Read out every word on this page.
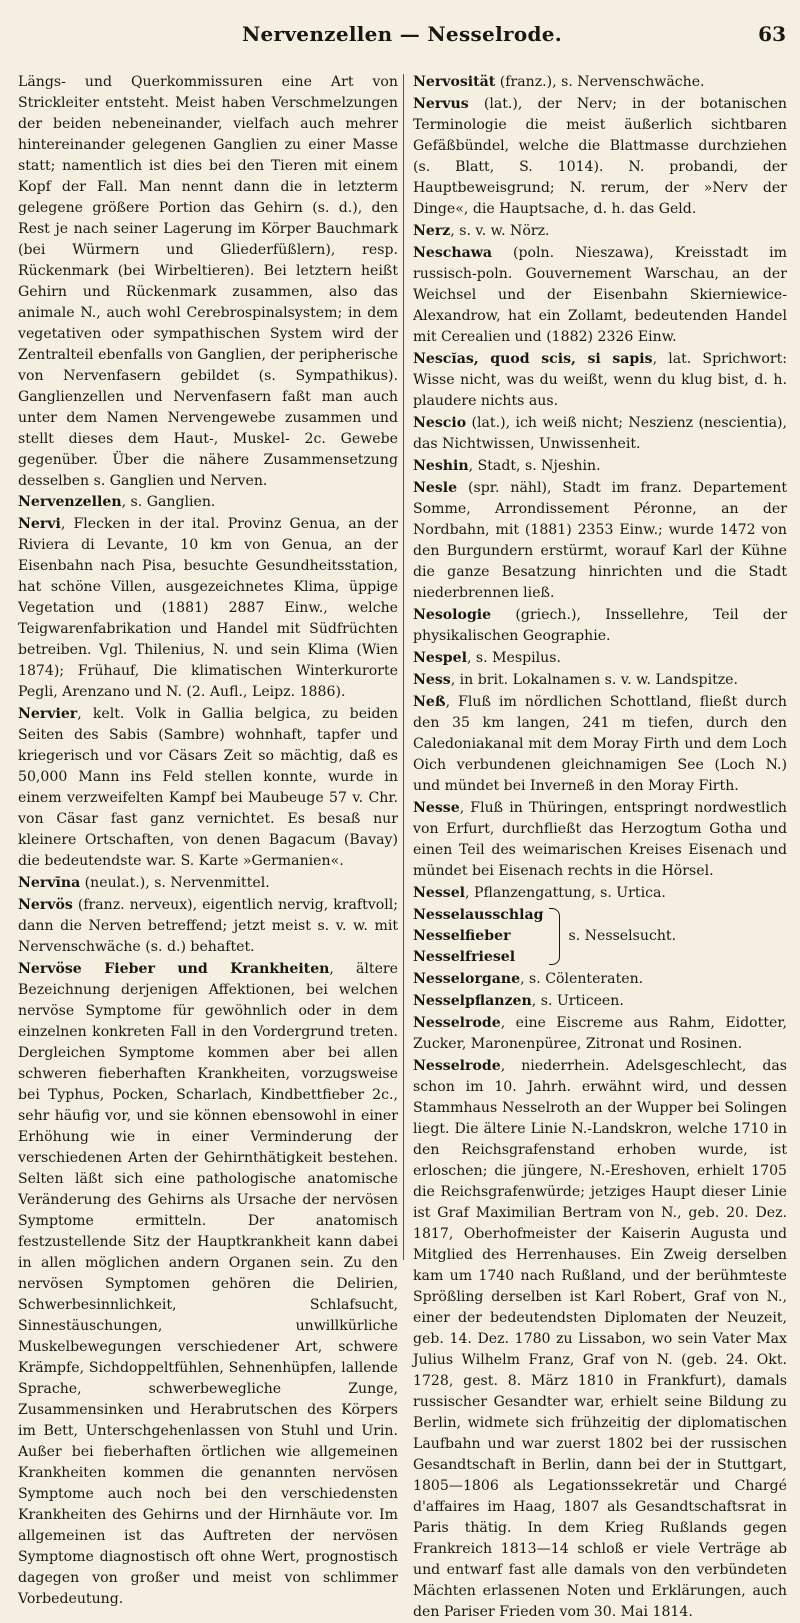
Nervenzellen — Nesselrode.	63

Längs- und Querkommissuren eine Art von Strickleiter entsteht. Meist haben Verschmelzungen der beiden nebeneinander, vielfach auch mehrer hintereinander gelegenen Ganglien zu einer Masse statt; namentlich ist dies bei den Tieren mit einem Kopf der Fall. Man nennt dann die in letzterm gelegene größere Portion das Gehirn (s. d.), den Rest je nach seiner Lagerung im Körper Bauchmark (bei Würmern und Gliederfüßlern), resp. Rückenmark (bei Wirbeltieren). Bei letztern heißt Gehirn und Rückenmark zusammen, also das animale N., auch wohl Cerebrospinalsystem; in dem vegetativen oder sympathischen System wird der Zentralteil ebenfalls von Ganglien, der peripherische von Nervenfasern gebildet (s. Sympathikus). Ganglienzellen und Nervenfasern faßt man auch unter dem Namen Nervengewebe zusammen und stellt dieses dem Haut-, Muskel- 2c. Gewebe gegenüber. Über die nähere Zusammensetzung desselben s. Ganglien und Nerven.

Nervenzellen, s. Ganglien.

Nervi, Flecken in der ital. Provinz Genua, an der Riviera di Levante, 10 km von Genua, an der Eisenbahn nach Pisa, besuchte Gesundheitsstation, hat schöne Villen, ausgezeichnetes Klima, üppige Vegetation und (1881) 2887 Einw., welche Teigwarenfabrikation und Handel mit Südfrüchten betreiben. Vgl. Thilenius, N. und sein Klima (Wien 1874); Frühauf, Die klimatischen Winterkurorte Pegli, Arenzano und N. (2. Aufl., Leipz. 1886).

Nervier, kelt. Volk in Gallia belgica, zu beiden Seiten des Sabis (Sambre) wohnhaft, tapfer und kriegerisch und vor Cäsars Zeit so mächtig, daß es 50,000 Mann ins Feld stellen konnte, wurde in einem verzweifelten Kampf bei Maubeuge 57 v. Chr. von Cäsar fast ganz vernichtet. Es besaß nur kleinere Ortschaften, von denen Bagacum (Bavay) die bedeutendste war. S. Karte »Germanien«.

Nervīna (neulat.), s. Nervenmittel.

Nervös (franz. nerveux), eigentlich nervig, kraftvoll; dann die Nerven betreffend; jetzt meist s. v. w. mit Nervenschwäche (s. d.) behaftet.

Nervöse Fieber und Krankheiten, ältere Bezeichnung derjenigen Affektionen, bei welchen nervöse Symptome für gewöhnlich oder in dem einzelnen konkreten Fall in den Vordergrund treten. Dergleichen Symptome kommen aber bei allen schweren fieberhaften Krankheiten, vorzugsweise bei Typhus, Pocken, Scharlach, Kindbettfieber 2c., sehr häufig vor, und sie können ebensowohl in einer Erhöhung wie in einer Verminderung der verschiedenen Arten der Gehirnthätigkeit bestehen. Selten läßt sich eine pathologische anatomische Veränderung des Gehirns als Ursache der nervösen Symptome ermitteln. Der anatomisch festzustellende Sitz der Hauptkrankheit kann dabei in allen möglichen andern Organen sein. Zu den nervösen Symptomen gehören die Delirien, Schwerbesinnlichkeit, Schlafsucht, Sinnestäuschungen, unwillkürliche Muskelbewegungen verschiedener Art, schwere Krämpfe, Sichdoppeltfühlen, Sehnenhüpfen, lallende Sprache, schwerbewegliche Zunge, Zusammensinken und Herabrutschen des Körpers im Bett, Unterschgehenlassen von Stuhl und Urin. Außer bei fieberhaften örtlichen wie allgemeinen Krankheiten kommen die genannten nervösen Symptome auch noch bei den verschiedensten Krankheiten des Gehirns und der Hirnhäute vor. Im allgemeinen ist das Auftreten der nervösen Symptome diagnostisch oft ohne Wert, prognostisch dagegen von großer und meist von schlimmer Vorbedeutung.

Nervosität (franz.), s. Nervenschwäche.

Nervus (lat.), der Nerv; in der botanischen Terminologie die meist äußerlich sichtbaren Gefäßbündel, welche die Blattmasse durchziehen (s. Blatt, S. 1014). N. probandi, der Hauptbeweisgrund; N. rerum, der »Nerv der Dinge«, die Hauptsache, d. h. das Geld.

Nerz, s. v. w. Nörz.

Neschawa (poln. Nieszawa), Kreisstadt im russisch-poln. Gouvernement Warschau, an der Weichsel und der Eisenbahn Skierniewice-Alexandrow, hat ein Zollamt, bedeutenden Handel mit Cerealien und (1882) 2326 Einw.

Nescĭas, quod scis, si sapis, lat. Sprichwort: Wisse nicht, was du weißt, wenn du klug bist, d. h. plaudere nichts aus.

Nescio (lat.), ich weiß nicht; Neszienz (nescientia), das Nichtwissen, Unwissenheit.

Neshin, Stadt, s. Njeshin.

Nesle (spr. nähl), Stadt im franz. Departement Somme, Arrondissement Péronne, an der Nordbahn, mit (1881) 2353 Einw.; wurde 1472 von den Burgundern erstürmt, worauf Karl der Kühne die ganze Besatzung hinrichten und die Stadt niederbrennen ließ.

Nesologie (griech.), Inssellehre, Teil der physikalischen Geographie.

Nespel, s. Mespilus.

Ness, in brit. Lokalnamen s. v. w. Landspitze.

Neß, Fluß im nördlichen Schottland, fließt durch den 35 km langen, 241 m tiefen, durch den Caledoniakanal mit dem Moray Firth und dem Loch Oich verbundenen gleichnamigen See (Loch N.) und mündet bei Inverneß in den Moray Firth.

Nesse, Fluß in Thüringen, entspringt nordwestlich von Erfurt, durchfließt das Herzogtum Gotha und einen Teil des weimarischen Kreises Eisenach und mündet bei Eisenach rechts in die Hörsel.

Nessel, Pflanzengattung, s. Urtica.

Nesselausschlag
Nesselfieber
Nesselfriesel
s. Nesselsucht.

Nesselorgane, s. Cölenteraten.

Nesselpflanzen, s. Urticeen.

Nesselrode, eine Eiscreme aus Rahm, Eidotter, Zucker, Maronenpüree, Zitronat und Rosinen.

Nesselrode, niederrhein. Adelsgeschlecht, das schon im 10. Jahrh. erwähnt wird, und dessen Stammhaus Nesselroth an der Wupper bei Solingen liegt. Die ältere Linie N.-Landskron, welche 1710 in den Reichsgrafenstand erhoben wurde, ist erloschen; die jüngere, N.-Ereshoven, erhielt 1705 die Reichsgrafenwürde; jetziges Haupt dieser Linie ist Graf Maximilian Bertram von N., geb. 20. Dez. 1817, Oberhofmeister der Kaiserin Augusta und Mitglied des Herrenhauses. Ein Zweig derselben kam um 1740 nach Rußland, und der berühmteste Sprößling derselben ist Karl Robert, Graf von N., einer der bedeutendsten Diplomaten der Neuzeit, geb. 14. Dez. 1780 zu Lissabon, wo sein Vater Max Julius Wilhelm Franz, Graf von N. (geb. 24. Okt. 1728, gest. 8. März 1810 in Frankfurt), damals russischer Gesandter war, erhielt seine Bildung zu Berlin, widmete sich frühzeitig der diplomatischen Laufbahn und war zuerst 1802 bei der russischen Gesandtschaft in Berlin, dann bei der in Stuttgart, 1805—1806 als Legationssekretär und Chargé d'affaires im Haag, 1807 als Gesandtschaftsrat in Paris thätig. In dem Krieg Rußlands gegen Frankreich 1813—14 schloß er viele Verträge ab und entwarf fast alle damals von den verbündeten Mächten erlassenen Noten und Erklärungen, auch den Pariser Frieden vom 30. Mai 1814.
